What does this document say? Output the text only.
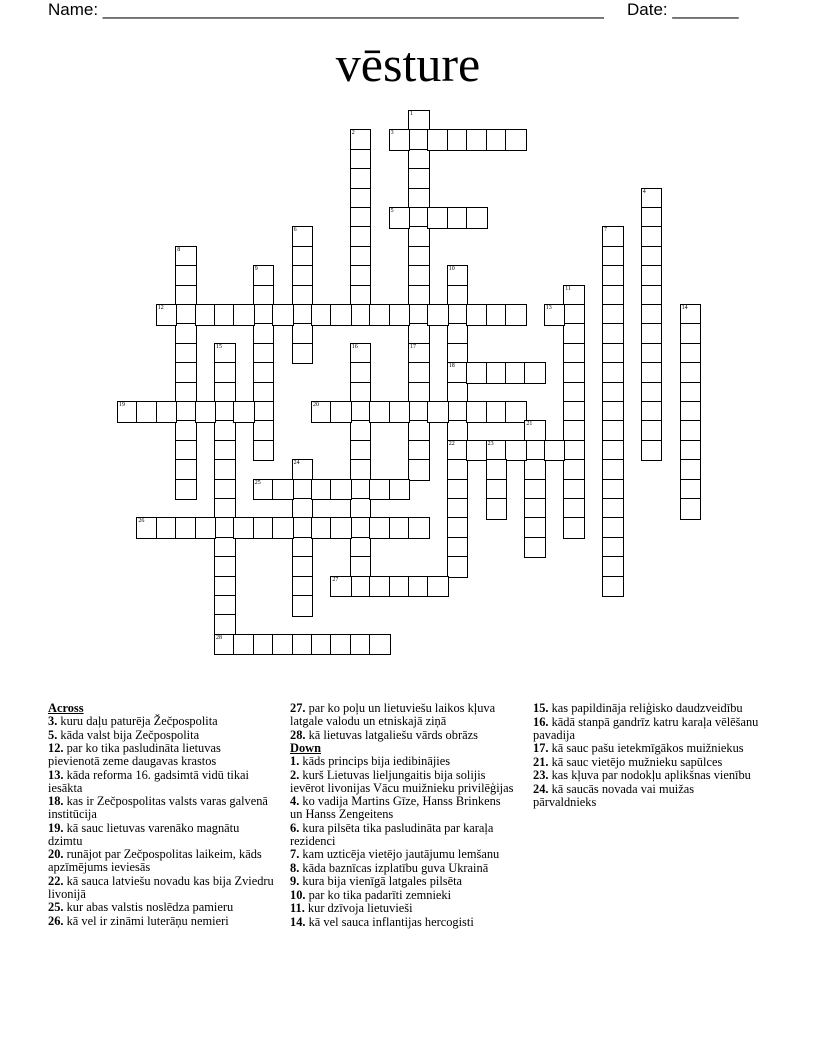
Name: _____________________________________________________ Date: _______
vēsture
1
17
2	3
4
5
6	7
8
9	10
18
22
11
12	13	14
15	16
19	20
21
23
24
25
26
27
28
Across
3. kuru daļu paturēja Žečpospolita
5. kāda valst bija Zečpospolita
12. par ko tika pasludināta lietuvas pievienotā zeme daugavas krastos
13. kāda reforma 16. gadsimtā vidū tikai iesākta
18. kas ir Zečpospolitas valsts varas galvenā institūcija
19. kā sauc lietuvas varenāko magnātu dzimtu
20. runājot par Zečpospolitas laikeim, kāds apzīmējums ieviesās
22. kā sauca latviešu novadu kas bija Zviedru livonijā
25. kur abas valstis noslēdza pamieru
26. kā vel ir zināmi luterāņu nemieri
27. par ko poļu un lietuviešu laikos kļuva latgale valodu un etniskajā ziņā
28. kā lietuvas latgaliešu vārds obrāzs
Down
1. kāds princips bija iedibinājies
2. kurš Lietuvas lieljungaitis bija solijis ievērot livonijas Vācu muižnieku privilēģijas
4. ko vadija Martins Gīze, Hanss Brinkens un Hanss Zengeitens
6. kura pilsēta tika pasludināta par karaļa rezidenci
7. kam uzticēja vietējo jautājumu lemšanu
8. kāda baznīcas izplatību guva Ukrainā
9. kura bija vienīgā latgales pilsēta
10. par ko tika padarīti zemnieki
11. kur dzīvoja lietuvieši
14. kā vel sauca inflantijas hercogisti
15. kas papildināja reliģisko daudzveidību
16. kādā stanpā gandrīz katru karaļa vēlēšanu pavadija
17. kā sauc pašu ietekmīgākos muižniekus
21. kā sauc vietējo mužnieku sapūlces
23. kas kļuva par nodokļu aplikšnas vienību
24. kā saucās novada vai muižas pārvaldnieks
